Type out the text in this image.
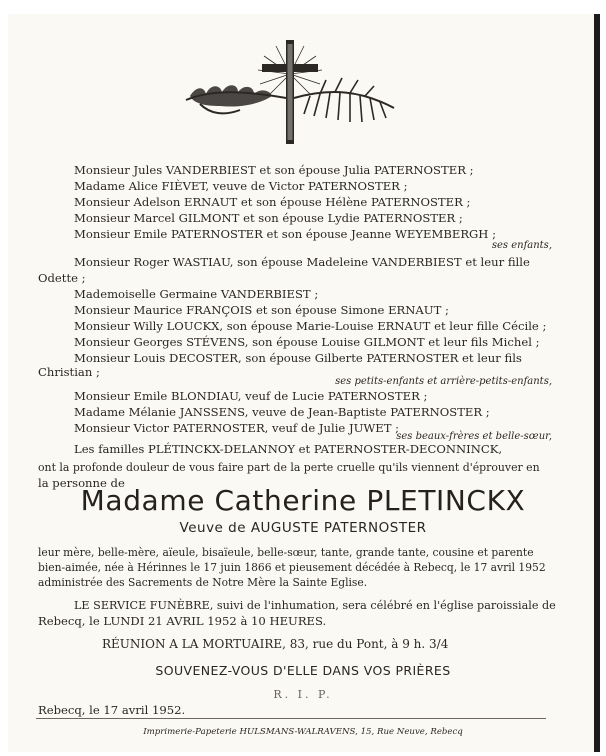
Monsieur Jules VANDERBIEST et son épouse Julia PATERNOSTER ;
Madame Alice FIÈVET, veuve de Victor PATERNOSTER ;
Monsieur Adelson ERNAUT et son épouse Hélène PATERNOSTER ;
Monsieur Marcel GILMONT et son épouse Lydie PATERNOSTER ;
Monsieur Emile PATERNOSTER et son épouse Jeanne WEYEMBERGH ;
ses enfants,
Monsieur Roger WASTIAU, son épouse Madeleine VANDERBIEST et leur fille
Odette ;
Mademoiselle Germaine VANDERBIEST ;
Monsieur Maurice FRANÇOIS et son épouse Simone ERNAUT ;
Monsieur Willy LOUCKX, son épouse Marie-Louise ERNAUT et leur fille Cécile ;
Monsieur Georges STÉVENS, son épouse Louise GILMONT et leur fils Michel ;
Monsieur Louis DECOSTER, son épouse Gilberte PATERNOSTER et leur fils
Christian ;
ses petits-enfants et arrière-petits-enfants,
Monsieur Emile BLONDIAU, veuf de Lucie PATERNOSTER ;
Madame Mélanie JANSSENS, veuve de Jean-Baptiste PATERNOSTER ;
Monsieur Victor PATERNOSTER, veuf de Julie JUWET ;
ses beaux-frères et belle-sœur,
Les familles PLÉTINCKX-DELANNOY et PATERNOSTER-DECONNINCK,
ont la profonde douleur de vous faire part de la perte cruelle qu'ils viennent d'éprouver en
la personne de
Madame Catherine PLETINCKX
Veuve de AUGUSTE PATERNOSTER
leur mère, belle-mère, aïeule, bisaïeule, belle-sœur, tante, grande tante, cousine et parente
bien-aimée, née à Hérinnes le 17 juin 1866 et pieusement décédée à Rebecq, le 17 avril 1952
administrée des Sacrements de Notre Mère la Sainte Eglise.
LE SERVICE FUNÈBRE, suivi de l'inhumation, sera célébré en l'église paroissiale de
Rebecq, le LUNDI 21 AVRIL 1952 à 10 HEURES.
RÉUNION A LA MORTUAIRE, 83, rue du Pont, à 9 h. 3/4
SOUVENEZ-VOUS D'ELLE DANS VOS PRIÈRES
R. I. P.
Rebecq, le 17 avril 1952.
Imprimerie-Papeterie HULSMANS-WALRAVENS, 15, Rue Neuve, Rebecq
